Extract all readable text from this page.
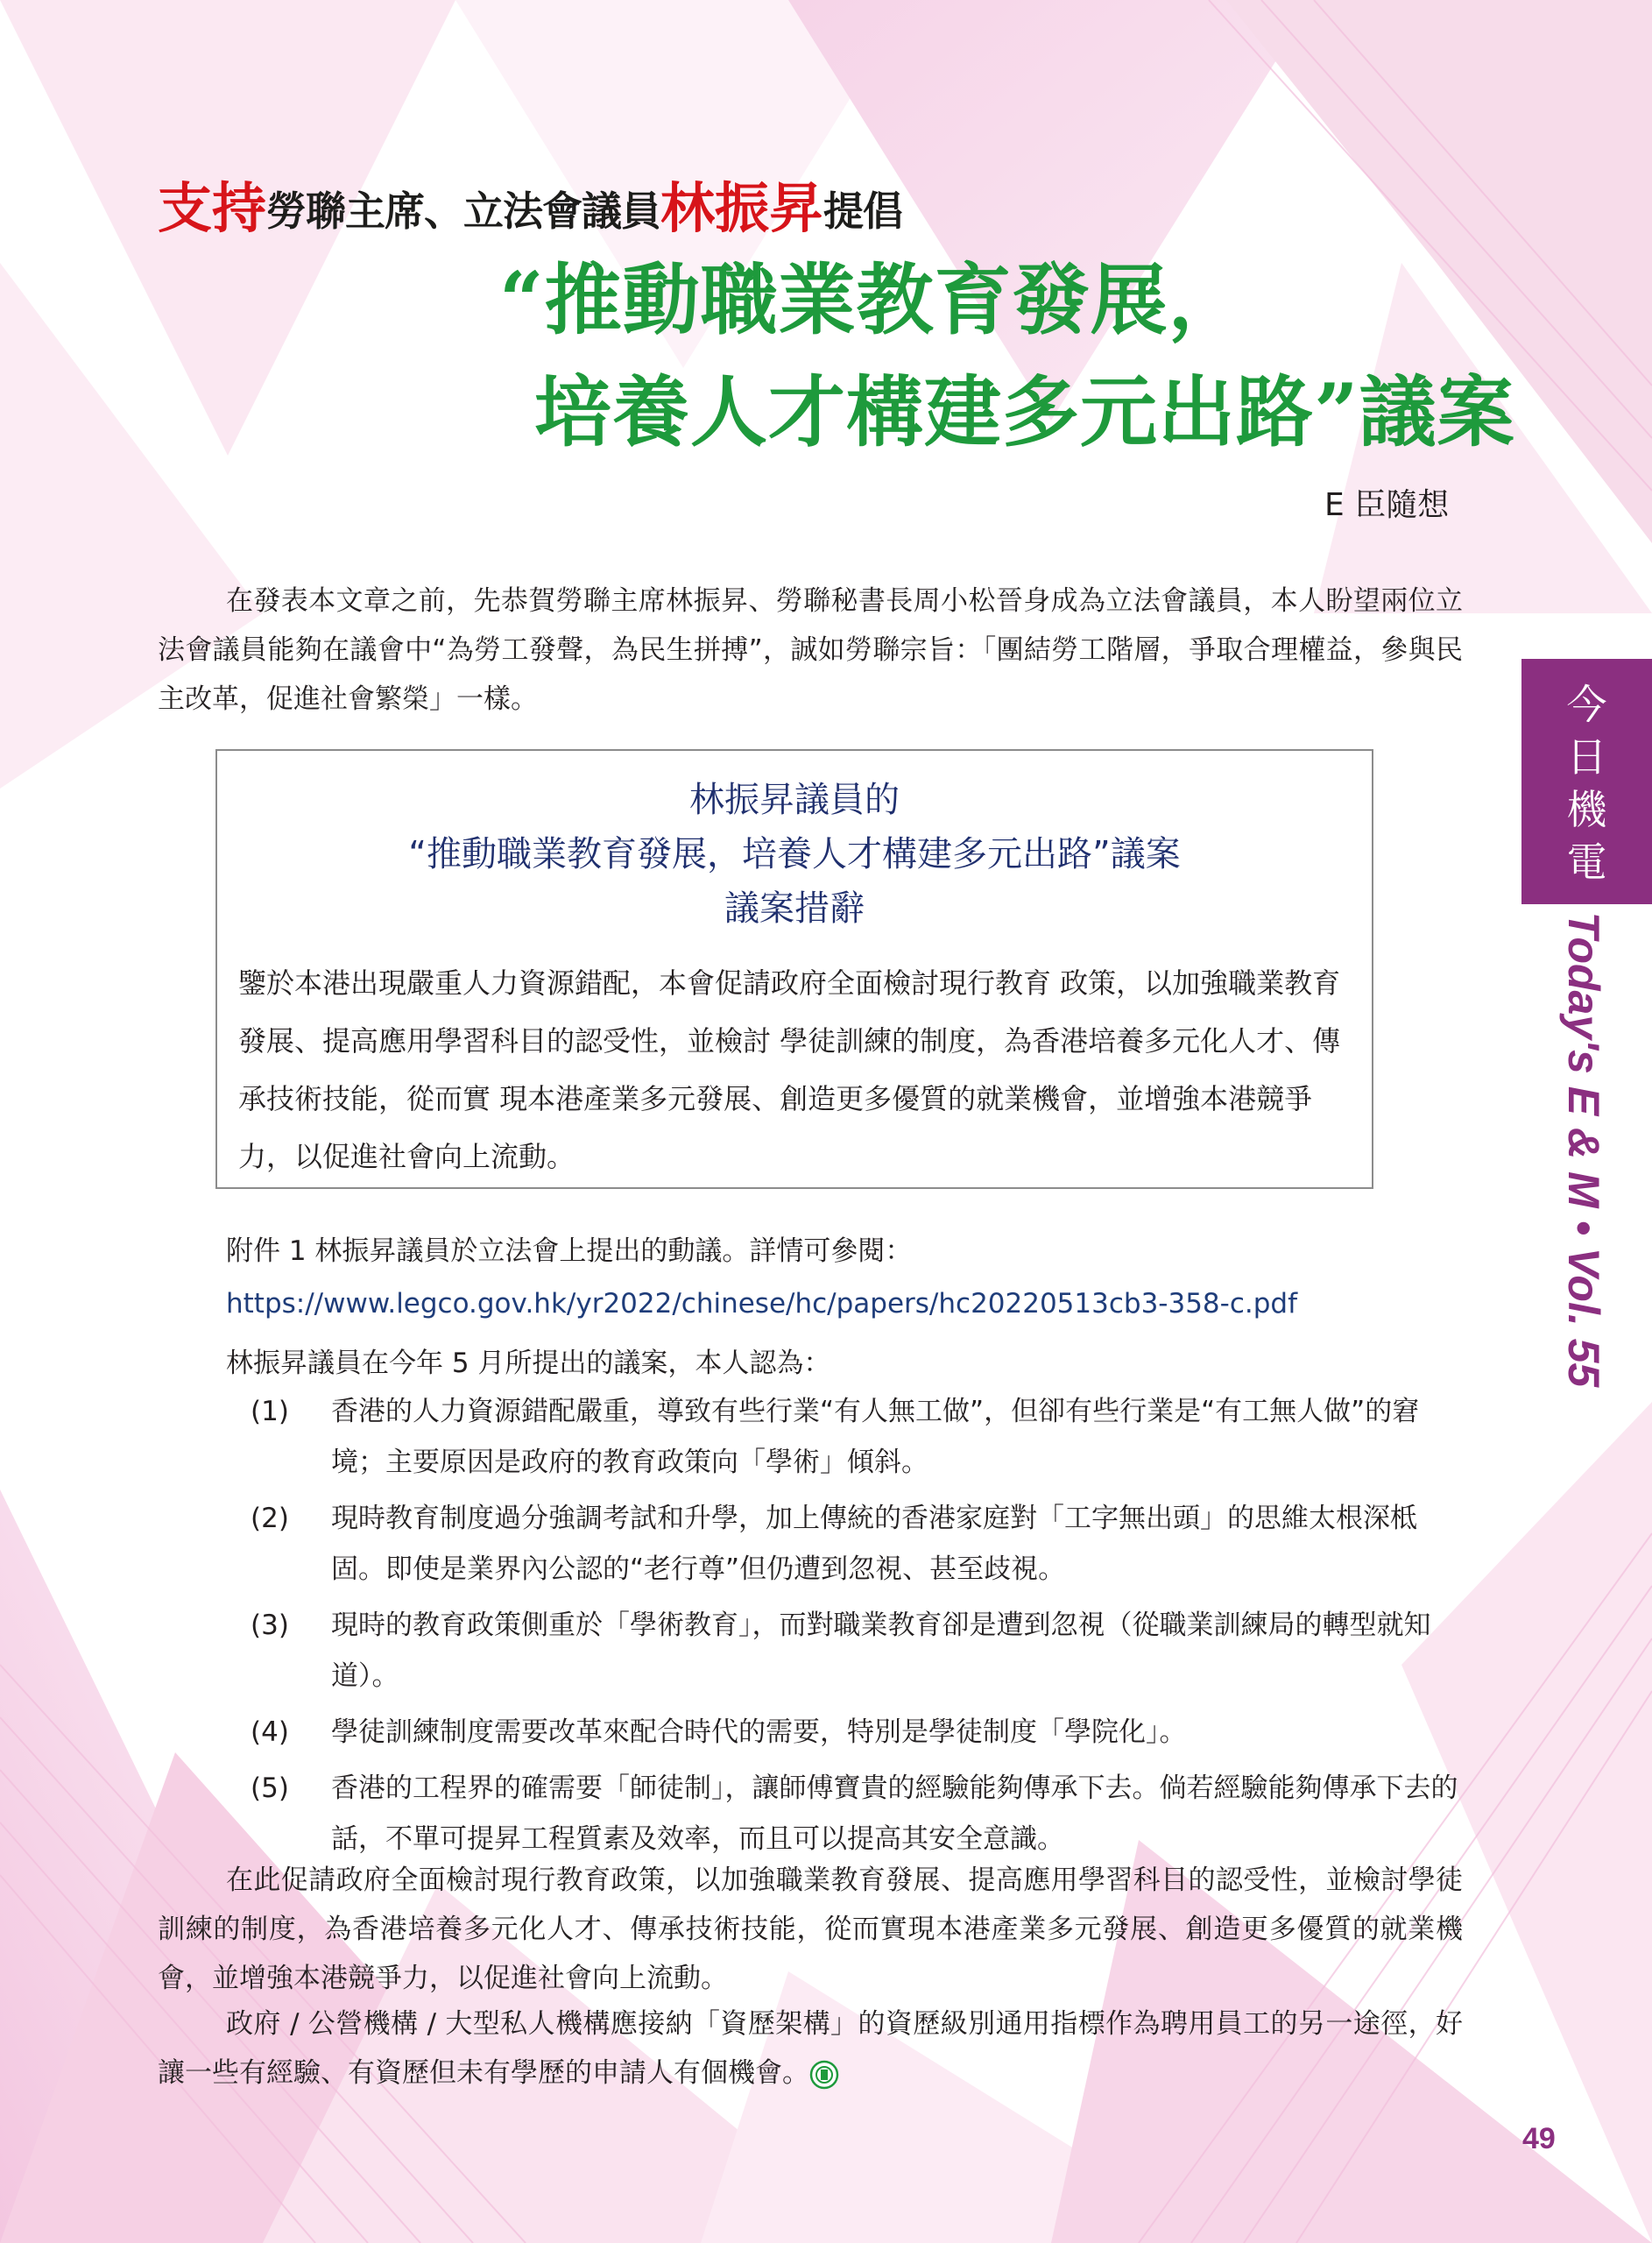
支持勞聯主席、立法會議員林振昇提倡
“推動職業教育發展，
培養人才構建多元出路”議案
E 臣隨想

在發表本文章之前，先恭賀勞聯主席林振昇、勞聯秘書長周小松晉身成為立法會議員，本人盼望兩位立法會議員能夠在議會中“為勞工發聲，為民生拼搏”，誠如勞聯宗旨：「團結勞工階層，爭取合理權益，參與民主改革，促進社會繁榮」一樣。

林振昇議員的
“推動職業教育發展，培養人才構建多元出路”議案
議案措辭

鑒於本港出現嚴重人力資源錯配，本會促請政府全面檢討現行教育 政策，以加強職業教育發展、提高應用學習科目的認受性，並檢討 學徒訓練的制度，為香港培養多元化人才、傳承技術技能，從而實 現本港產業多元發展、創造更多優質的就業機會，並增強本港競爭 力，以促進社會向上流動。

附件 1 林振昇議員於立法會上提出的動議。詳情可參閱：
https://www.legco.gov.hk/yr2022/chinese/hc/papers/hc20220513cb3-358-c.pdf
林振昇議員在今年 5 月所提出的議案，本人認為：
(1) 香港的人力資源錯配嚴重，導致有些行業“有人無工做”，但卻有些行業是“有工無人做”的窘境；主要原因是政府的教育政策向「學術」傾斜。
(2) 現時教育制度過分強調考試和升學，加上傳統的香港家庭對「工字無出頭」的思維太根深柢固。即使是業界內公認的“老行尊”但仍遭到忽視、甚至歧視。
(3) 現時的教育政策側重於「學術教育」，而對職業教育卻是遭到忽視（從職業訓練局的轉型就知道）。
(4) 學徒訓練制度需要改革來配合時代的需要，特別是學徒制度「學院化」。
(5) 香港的工程界的確需要「師徒制」，讓師傅寶貴的經驗能夠傳承下去。倘若經驗能夠傳承下去的話，不單可提昇工程質素及效率，而且可以提高其安全意識。

在此促請政府全面檢討現行教育政策，以加強職業教育發展、提高應用學習科目的認受性，並檢討學徒訓練的制度，為香港培養多元化人才、傳承技術技能，從而實現本港產業多元發展、創造更多優質的就業機會，並增強本港競爭力，以促進社會向上流動。

政府 / 公營機構 / 大型私人機構應接納「資歷架構」的資歷級別通用指標作為聘用員工的另一途徑，好讓一些有經驗、有資歷但未有學歷的申請人有個機會。

今
日
機
電
Today's E & M • Vol. 55
49
